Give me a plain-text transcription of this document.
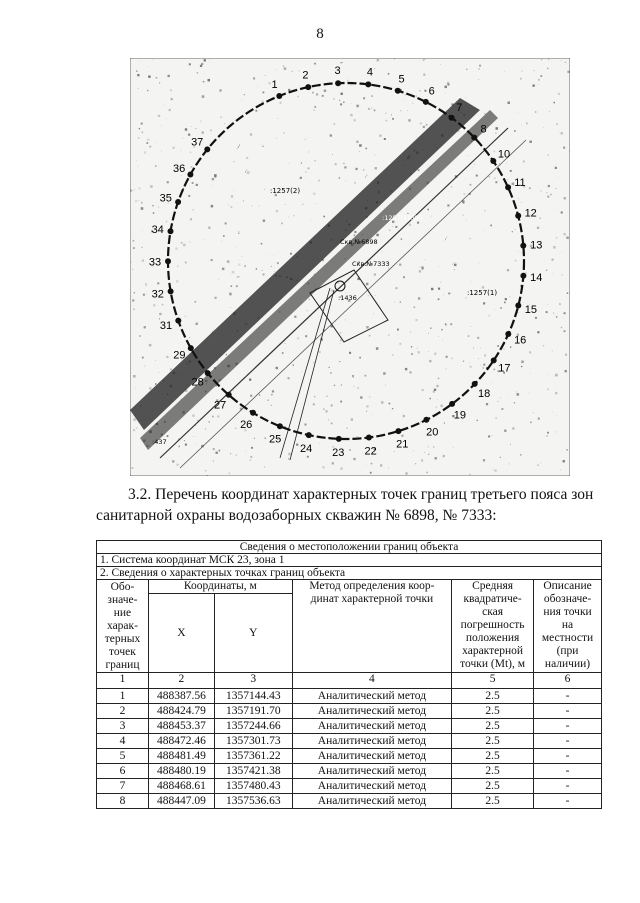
8
:1257(2)
:1257(1)
Скв.№6898
Скв.№7333
:1436
:437
:1257(1)000
1
2 3 4
5
6
7
8
10
11
12
13
14
15
16
17
18
19
20
21
22
23
24
25
26
27
28
29
31
32
33
34
35
36
37

3.2. Перечень координат характерных точек границ третьего пояса зон

санитарной охраны водозаборных скважин № 6898, № 7333:

Сведения о местоположении границ объекта					
1. Система координат МСК 23, зона 1					
2. Сведения о характерных точках границ объекта					
Обо-значе-ние харак-терных точек границ	Координаты, м		Метод определения коор-динат характерной точки	Средняя квадратиче-ская погрешность положения характерной точки (Mt), м	Описание обозначе-ния точки на местности (при наличии)
	X	Y			
1	2	3	4	5	6
1	488387.56	1357144.43	Аналитический метод	2.5	-
2	488424.79	1357191.70	Аналитический метод	2.5	-
3	488453.37	1357244.66	Аналитический метод	2.5	-
4	488472.46	1357301.73	Аналитический метод	2.5	-
5	488481.49	1357361.22	Аналитический метод	2.5	-
6	488480.19	1357421.38	Аналитический метод	2.5	-
7	488468.61	1357480.43	Аналитический метод	2.5	-
8	488447.09	1357536.63	Аналитический метод	2.5	-
